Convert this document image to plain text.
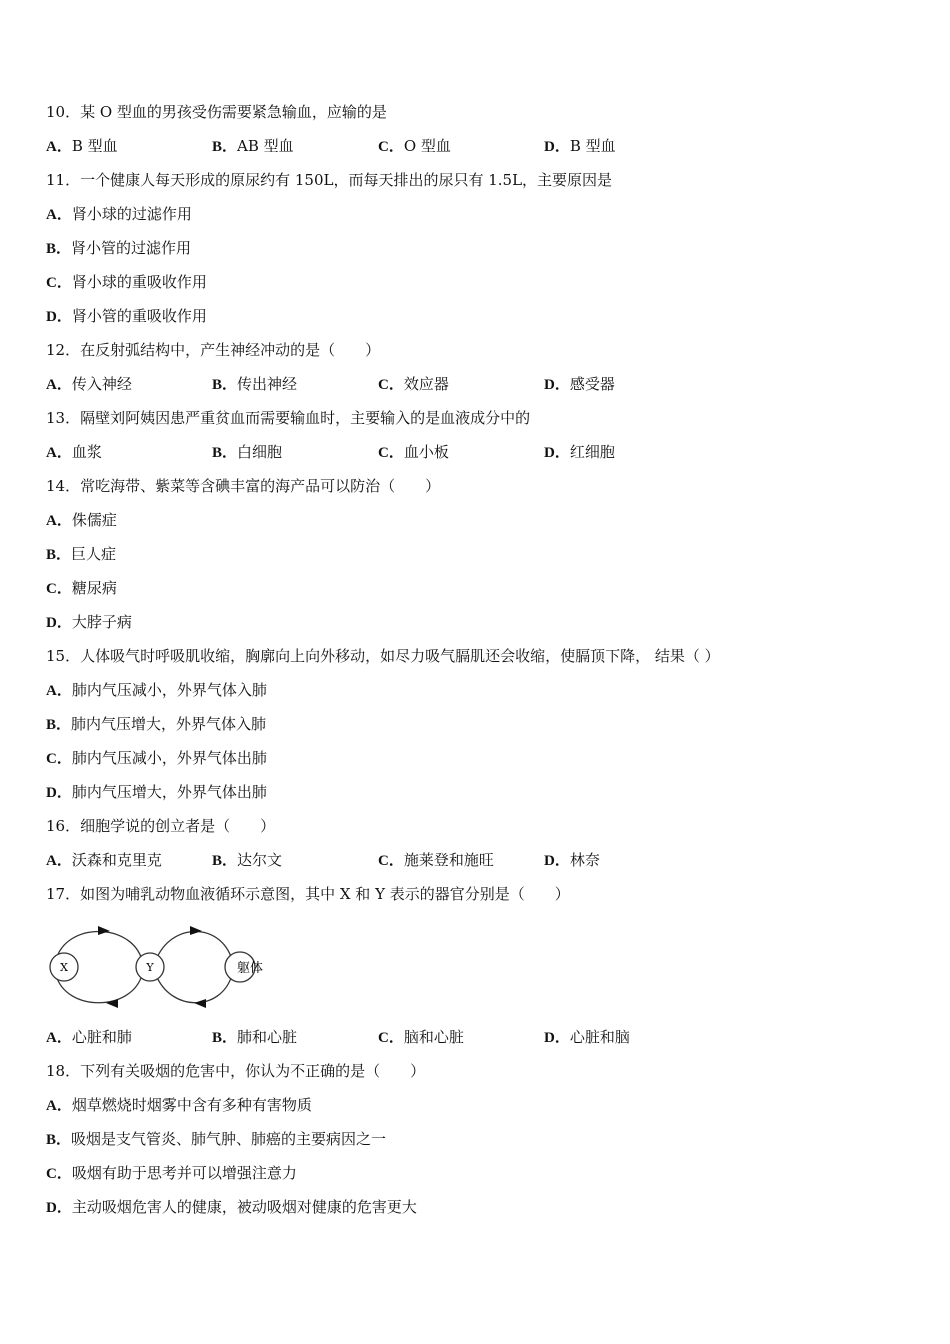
10．某 O 型血的男孩受伤需要紧急输血，应输的是
A．B 型血	B．AB 型血	C．O 型血	D．B 型血
11．一个健康人每天形成的原尿约有 150L，而每天排出的尿只有 1.5L，主要原因是
A．肾小球的过滤作用
B．肾小管的过滤作用
C．肾小球的重吸收作用
D．肾小管的重吸收作用
12．在反射弧结构中，产生神经冲动的是（　　）
A．传入神经	B．传出神经	C．效应器	D．感受器
13．隔壁刘阿姨因患严重贫血而需要输血时，主要输入的是血液成分中的
A．血浆	B．白细胞	C．血小板	D．红细胞
14．常吃海带、紫菜等含碘丰富的海产品可以防治（　　）
A．侏儒症
B．巨人症
C．糖尿病
D．大脖子病
15．人体吸气时呼吸肌收缩，胸廓向上向外移动，如尽力吸气膈肌还会收缩，使膈顶下降， 结果（ ）
A．肺内气压减小，外界气体入肺
B．肺内气压增大，外界气体入肺
C．肺内气压减小，外界气体出肺
D．肺内气压增大，外界气体出肺
16．细胞学说的创立者是（　　）
A．沃森和克里克	B．达尔文	C．施莱登和施旺	D．林奈
17．如图为哺乳动物血液循环示意图，其中 X 和 Y 表示的器官分别是（　　）
X	Y	躯体
A．心脏和肺	B．肺和心脏	C．脑和心脏	D．心脏和脑
18．下列有关吸烟的危害中，你认为不正确的是（　　）
A．烟草燃烧时烟雾中含有多种有害物质
B．吸烟是支气管炎、肺气肿、肺癌的主要病因之一
C．吸烟有助于思考并可以增强注意力
D．主动吸烟危害人的健康，被动吸烟对健康的危害更大
